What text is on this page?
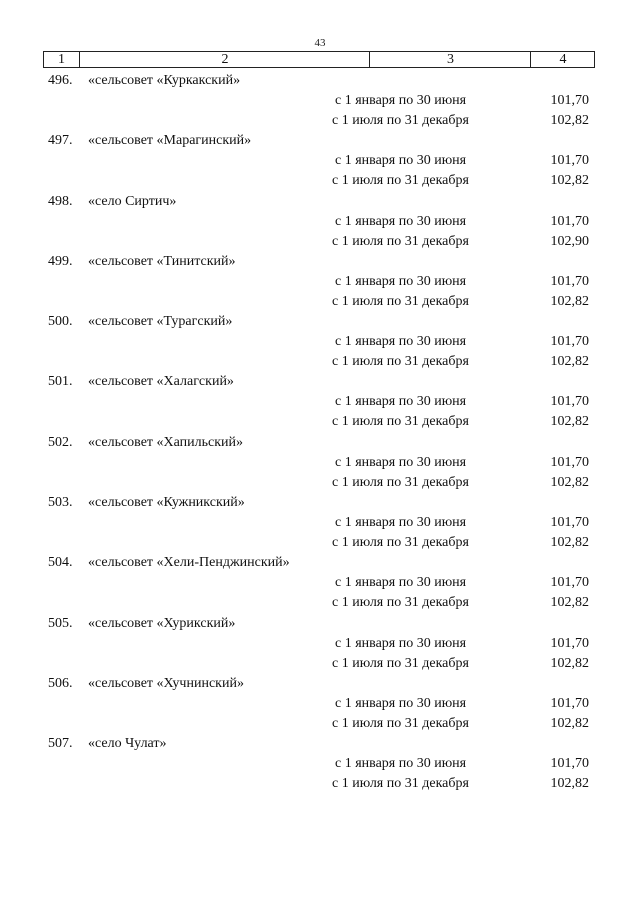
43
1	2	3	4
496. «сельсовет «Куркакский»
с 1 января по 30 июня	101,70
с 1 июля по 31 декабря	102,82
497. «сельсовет «Марагинский»
с 1 января по 30 июня	101,70
с 1 июля по 31 декабря	102,82
498. «село Сиртич»
с 1 января по 30 июня	101,70
с 1 июля по 31 декабря	102,90
499. «сельсовет «Тинитский»
с 1 января по 30 июня	101,70
с 1 июля по 31 декабря	102,82
500. «сельсовет «Турагский»
с 1 января по 30 июня	101,70
с 1 июля по 31 декабря	102,82
501. «сельсовет «Халагский»
с 1 января по 30 июня	101,70
с 1 июля по 31 декабря	102,82
502. «сельсовет «Хапильский»
с 1 января по 30 июня	101,70
с 1 июля по 31 декабря	102,82
503. «сельсовет «Кужникский»
с 1 января по 30 июня	101,70
с 1 июля по 31 декабря	102,82
504. «сельсовет «Хели-Пенджинский»
с 1 января по 30 июня	101,70
с 1 июля по 31 декабря	102,82
505. «сельсовет «Хурикский»
с 1 января по 30 июня	101,70
с 1 июля по 31 декабря	102,82
506. «сельсовет «Хучнинский»
с 1 января по 30 июня	101,70
с 1 июля по 31 декабря	102,82
507. «село Чулат»
с 1 января по 30 июня	101,70
с 1 июля по 31 декабря	102,82
